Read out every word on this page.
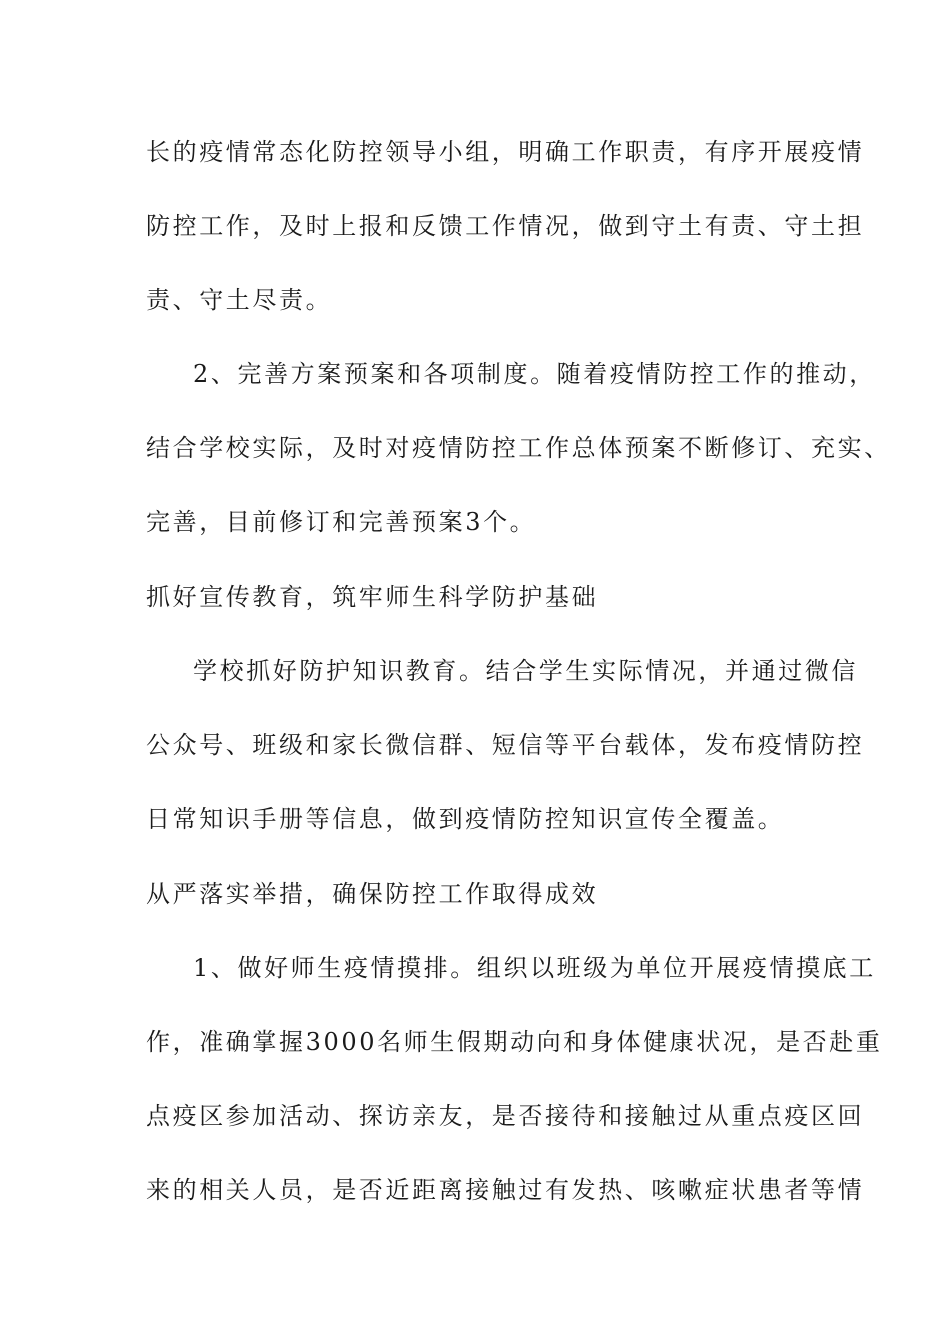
长的疫情常态化防控领导小组，明确工作职责，有序开展疫情
防控工作，及时上报和反馈工作情况，做到守土有责、守土担
责、守土尽责。
2、完善方案预案和各项制度。随着疫情防控工作的推动，
结合学校实际，及时对疫情防控工作总体预案不断修订、充实、
完善，目前修订和完善预案3个。
抓好宣传教育，筑牢师生科学防护基础
学校抓好防护知识教育。结合学生实际情况，并通过微信
公众号、班级和家长微信群、短信等平台载体，发布疫情防控
日常知识手册等信息，做到疫情防控知识宣传全覆盖。
从严落实举措，确保防控工作取得成效
1、做好师生疫情摸排。组织以班级为单位开展疫情摸底工
作，准确掌握3000名师生假期动向和身体健康状况，是否赴重
点疫区参加活动、探访亲友，是否接待和接触过从重点疫区回
来的相关人员，是否近距离接触过有发热、咳嗽症状患者等情
